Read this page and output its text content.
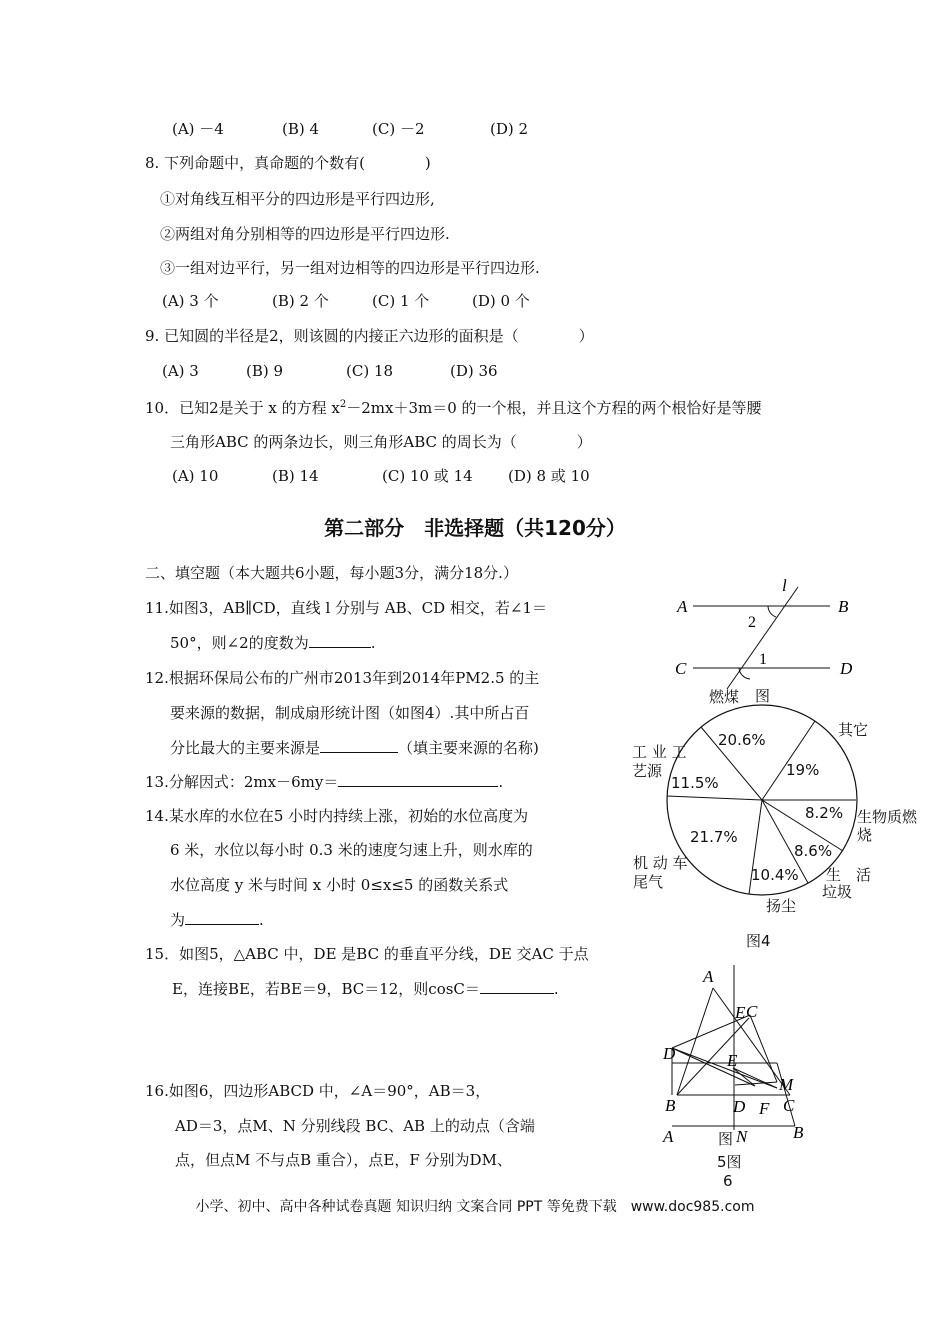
(A) －4	(B) 4	(C) －2	(D) 2
8. 下列命题中，真命题的个数有(　　　　)
①对角线互相平分的四边形是平行四边形,
②两组对角分别相等的四边形是平行四边形.
③一组对边平行，另一组对边相等的四边形是平行四边形.
(A) 3 个	(B) 2 个	(C) 1 个	(D) 0 个
9. 已知圆的半径是2，则该圆的内接正六边形的面积是（　　　　）
(A) 3	(B) 9	(C) 18	(D) 36
10．已知2是关于 x 的方程 $x^2-2mx+3m=0$ 的一个根，并且这个方程的两个根恰好是等腰
三角形ABC 的两条边长，则三角形ABC 的周长为（　　　　）
(A) 10	(B) 14	(C) 10 或 14 (D) 8 或 10
第二部分　非选择题（共120分）
二、填空题（本大题共6小题，每小题3分，满分18分.）
11.如图3，AB∥CD，直线 l 分别与 AB、CD 相交，若∠1＝
50°，则∠2的度数为	.
12.根据环保局公布的广州市2013年到2014年PM2.5 的主
要来源的数据，制成扇形统计图（如图4）.其中所占百
分比最大的主要来源是	（填主要来源的名称)
13.分解因式：2mx－6my＝	.
14.某水库的水位在5 小时内持续上涨，初始的水位高度为
6 米，水位以每小时 0.3 米的速度匀速上升，则水库的
水位高度 y 米与时间 x 小时 0≤x≤5 的函数关系式
为	.
15．如图5，△ABC 中，DE 是BC 的垂直平分线，DE 交AC 于点
E，连接BE，若BE＝9，BC＝12，则cosC＝	.
16.如图6，四边形ABCD 中，∠A＝90°，AB＝3，
AD＝3，点M、N 分别线段 BC、AB 上的动点（含端
点，但点M 不与点B 重合），点E，F 分别为DM、
A	B
C	D
l
1
2
图
燃煤
20.6%
其它
19%
工 业 工
艺源
11.5%
8.2% 生物质燃
烧
21.7%
8.6%
机 动 车
尾气	生　活
垃圾
10.4%
扬尘
图4
A
E C
D	E
M
B	D F C
A	N	B
图
5图
6
小学、初中、高中各种试卷真题 知识归纳 文案合同 PPT 等免费下载　www.doc985.com
